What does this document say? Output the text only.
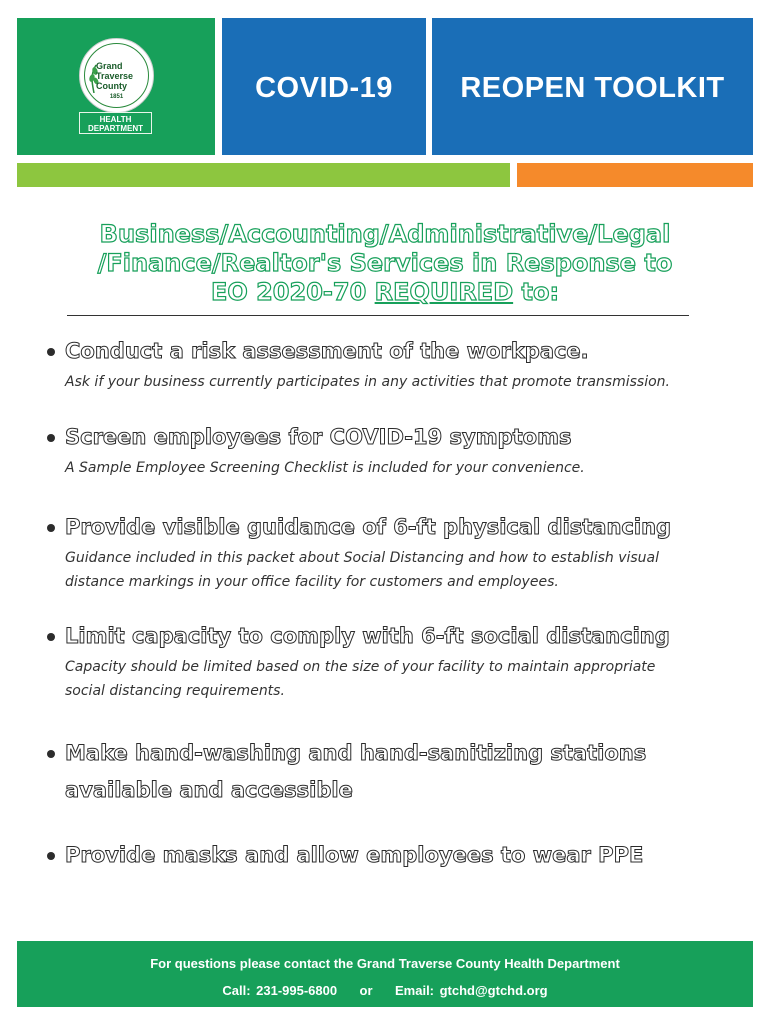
Grand
Traverse
County
1851
HEALTH
DEPARTMENT
COVID-19	REOPEN TOOLKIT
Business/Accounting/Administrative/Legal
/Finance/Realtor's Services in Response to
EO 2020-70 REQUIRED to:
Conduct a risk assessment of the workpace.
Ask if your business currently participates in any activities that promote transmission.
Screen employees for COVID-19 symptoms
A Sample Employee Screening Checklist is included for your convenience.
Provide visible guidance of 6-ft physical distancing
Guidance included in this packet about Social Distancing and how to establish visual
distance markings in your office facility for customers and employees.
Limit capacity to comply with 6-ft social distancing
Capacity should be limited based on the size of your facility to maintain appropriate
social distancing requirements.
Make hand-washing and hand-sanitizing stations
available and accessible
Provide masks and allow employees to wear PPE
For questions please contact the Grand Traverse County Health Department
Call: 231-995-6800    or    Email: gtchd@gtchd.org
